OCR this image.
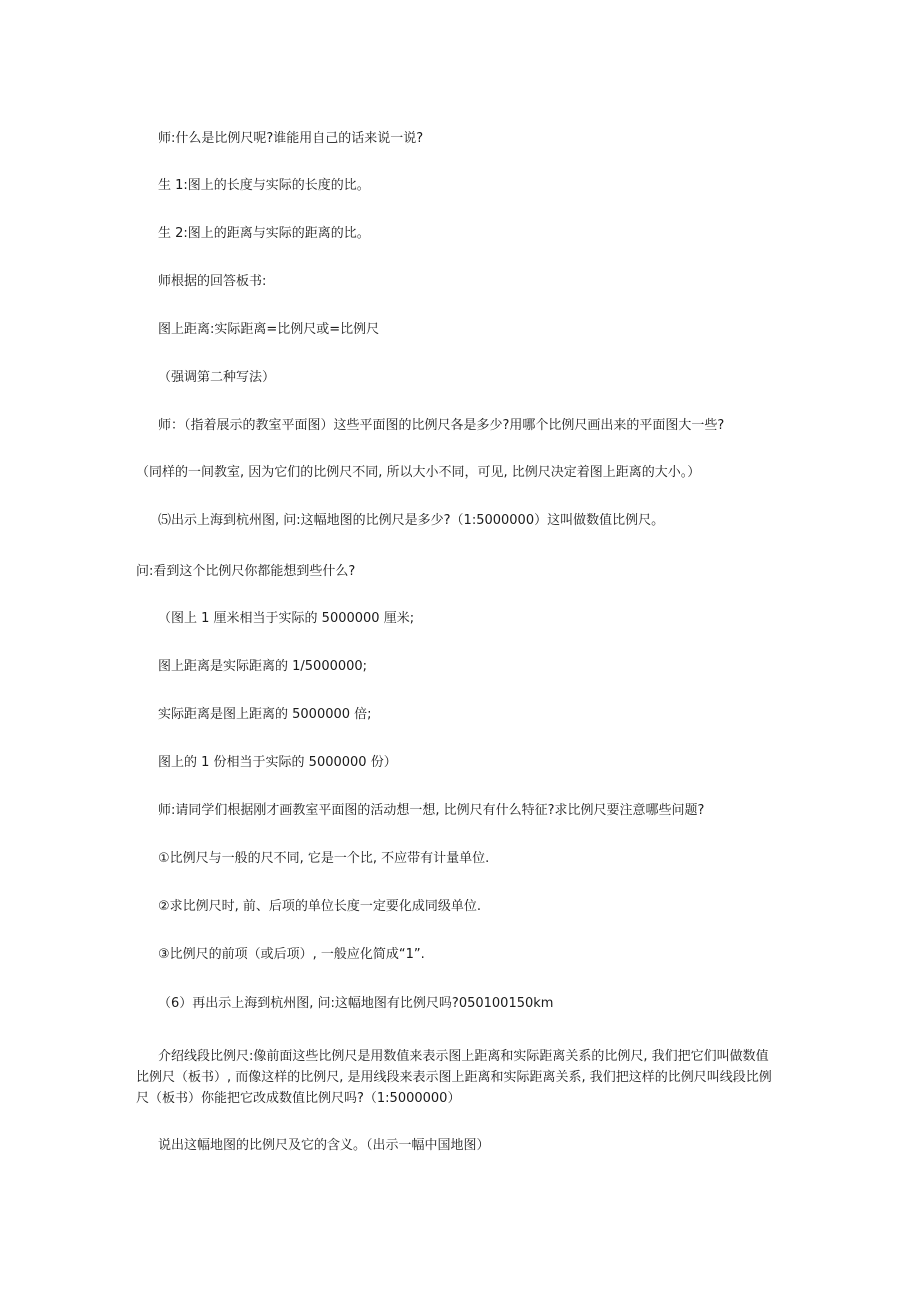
师:什么是比例尺呢?谁能用自己的话来说一说?
生 1:图上的长度与实际的长度的比。
生 2:图上的距离与实际的距离的比。
师根据的回答板书:
图上距离:实际距离=比例尺或=比例尺
（强调第二种写法）
师：（指着展示的教室平面图）这些平面图的比例尺各是多少?用哪个比例尺画出来的平面图大一些?
（同样的一间教室, 因为它们的比例尺不同, 所以大小不同，可见, 比例尺决定着图上距离的大小。）
⑸出示上海到杭州图, 问:这幅地图的比例尺是多少?（1:5000000）这叫做数值比例尺。
问:看到这个比例尺你都能想到些什么?
（图上 1 厘米相当于实际的 5000000 厘米;
图上距离是实际距离的 1/5000000;
实际距离是图上距离的 5000000 倍;
图上的 1 份相当于实际的 5000000 份）
师:请同学们根据刚才画教室平面图的活动想一想, 比例尺有什么特征?求比例尺要注意哪些问题?
①比例尺与一般的尺不同, 它是一个比, 不应带有计量单位.
②求比例尺时, 前、后项的单位长度一定要化成同级单位.
③比例尺的前项（或后项）, 一般应化简成“1”.
（6）再出示上海到杭州图, 问:这幅地图有比例尺吗?050100150km
介绍线段比例尺:像前面这些比例尺是用数值来表示图上距离和实际距离关系的比例尺, 我们把它们叫做数值比例尺（板书）, 而像这样的比例尺, 是用线段来表示图上距离和实际距离关系, 我们把这样的比例尺叫线段比例尺（板书）你能把它改成数值比例尺吗?（1:5000000）
说出这幅地图的比例尺及它的含义。（出示一幅中国地图）
